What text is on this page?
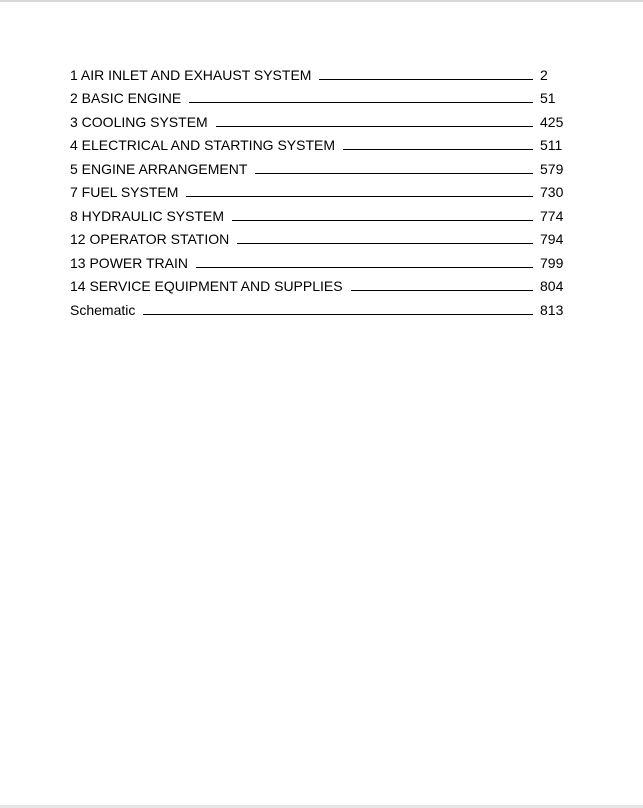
1 AIR INLET AND EXHAUST SYSTEM	2
2 BASIC ENGINE	51
3 COOLING SYSTEM	425
4 ELECTRICAL AND STARTING SYSTEM	511
5 ENGINE ARRANGEMENT	579
7 FUEL SYSTEM	730
8 HYDRAULIC SYSTEM	774
12 OPERATOR STATION	794
13 POWER TRAIN	799
14 SERVICE EQUIPMENT AND SUPPLIES	804
Schematic	813
